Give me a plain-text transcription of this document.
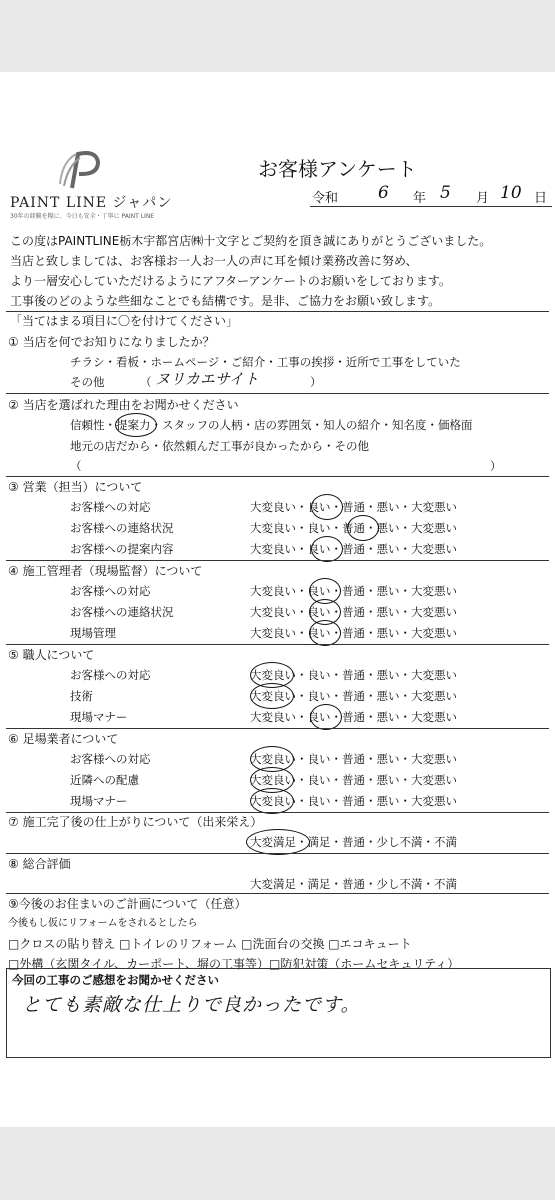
PAINT LINE ジャパン
30年の経験を糧に、今日も安全・丁寧に PAINT LINE
お客様アンケート
令和 6 年 5 月 10 日
この度はPAINTLINE栃木宇都宮店㈱十文字とご契約を頂き誠にありがとうございました。
当店と致しましては、お客様お一人お一人の声に耳を傾け業務改善に努め、
より一層安心していただけるようにアフターアンケートのお願いをしております。
工事後のどのような些細なことでも結構です。是非、ご協力をお願い致します。
「当てはまる項目に〇を付けてください」
① 当店を何でお知りになりましたか？
チラシ・看板・ホームページ・ご紹介・工事の挨拶・近所で工事をしていた
その他	（ ヌリカエサイト	）
② 当店を選ばれた理由をお聞かせください
信頼性・提案力・スタッフの人柄・店の雰囲気・知人の紹介・知名度・価格面
地元の店だから・依然頼んだ工事が良かったから・その他
（	）
③ 営業（担当）について
お客様への対応	大変良い・良い・普通・悪い・大変悪い
お客様への連絡状況	大変良い・良い・普通・悪い・大変悪い
お客様への提案内容	大変良い・良い・普通・悪い・大変悪い
④ 施工管理者（現場監督）について
お客様への対応	大変良い・良い・普通・悪い・大変悪い
お客様への連絡状況	大変良い・良い・普通・悪い・大変悪い
現場管理	大変良い・良い・普通・悪い・大変悪い
⑤ 職人について
お客様への対応	大変良い・良い・普通・悪い・大変悪い
技術	大変良い・良い・普通・悪い・大変悪い
現場マナー	大変良い・良い・普通・悪い・大変悪い
⑥ 足場業者について
お客様への対応	大変良い・良い・普通・悪い・大変悪い
近隣への配慮	大変良い・良い・普通・悪い・大変悪い
現場マナー	大変良い・良い・普通・悪い・大変悪い
⑦ 施工完了後の仕上がりについて（出来栄え）
大変満足・満足・普通・少し不満・不満
⑧ 総合評価
大変満足・満足・普通・少し不満・不満
⑨今後のお住まいのご計画について（任意）
今後もし仮にリフォームをされるとしたら
□クロスの貼り替え □トイレのリフォーム □洗面台の交換 □エコキュート
□外構（玄関タイル、カーポート、塀の工事等）□防犯対策（ホームセキュリティ）
今回の工事のご感想をお聞かせください
とても素敵な仕上りで良かったです。
